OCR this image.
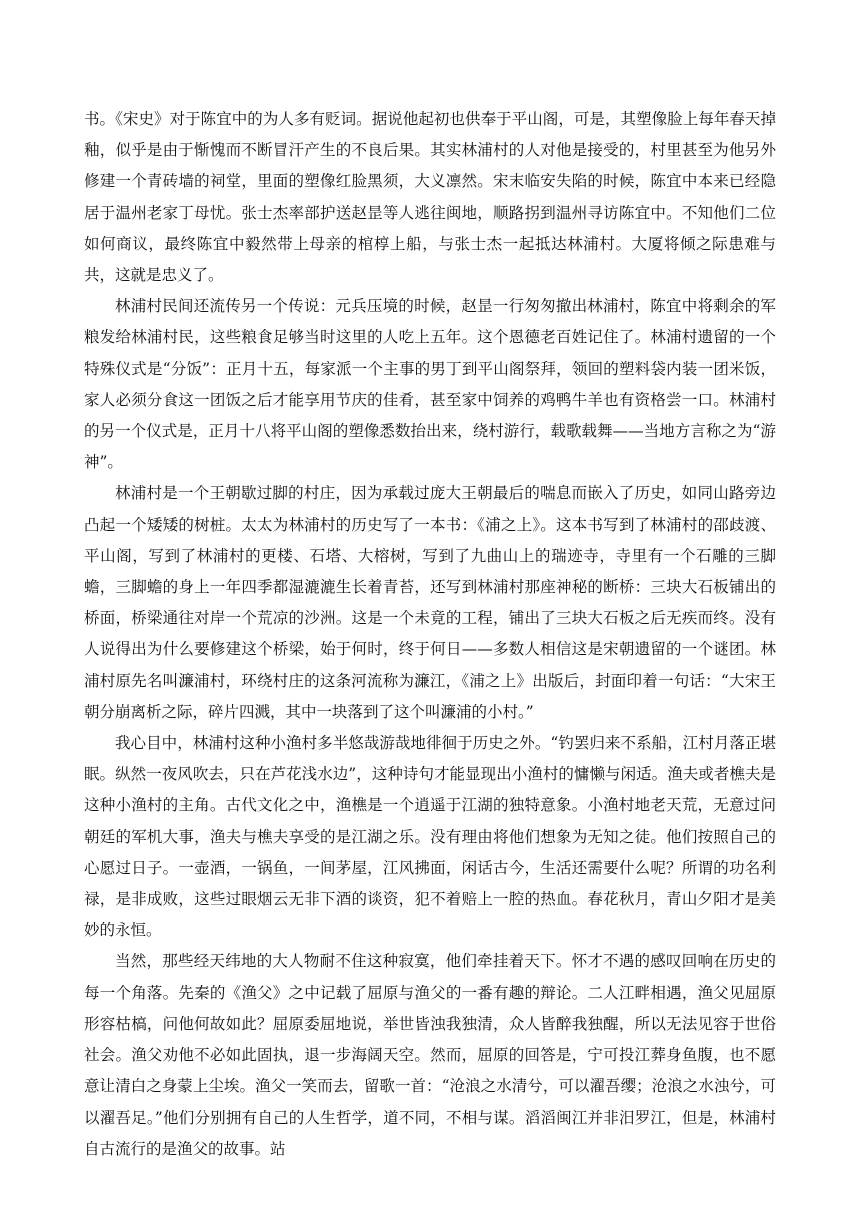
书。《宋史》对于陈宜中的为人多有贬词。据说他起初也供奉于平山阁，可是，其塑像脸上每年春天掉釉，似乎是由于惭愧而不断冒汗产生的不良后果。其实林浦村的人对他是接受的，村里甚至为他另外修建一个青砖墙的祠堂，里面的塑像红脸黑须，大义凛然。宋末临安失陷的时候，陈宜中本来已经隐居于温州老家丁母忧。张士杰率部护送赵昰等人逃往闽地，顺路拐到温州寻访陈宜中。不知他们二位如何商议，最终陈宜中毅然带上母亲的棺椁上船，与张士杰一起抵达林浦村。大厦将倾之际患难与共，这就是忠义了。

林浦村民间还流传另一个传说：元兵压境的时候，赵昰一行匆匆撤出林浦村，陈宜中将剩余的军粮发给林浦村民，这些粮食足够当时这里的人吃上五年。这个恩德老百姓记住了。林浦村遗留的一个特殊仪式是“分饭”：正月十五，每家派一个主事的男丁到平山阁祭拜，领回的塑料袋内装一团米饭，家人必须分食这一团饭之后才能享用节庆的佳肴，甚至家中饲养的鸡鸭牛羊也有资格尝一口。林浦村的另一个仪式是，正月十八将平山阁的塑像悉数抬出来，绕村游行，载歌载舞——当地方言称之为“游神”。

林浦村是一个王朝歇过脚的村庄，因为承载过庞大王朝最后的喘息而嵌入了历史，如同山路旁边凸起一个矮矮的树桩。太太为林浦村的历史写了一本书：《浦之上》。这本书写到了林浦村的邵歧渡、平山阁，写到了林浦村的更楼、石塔、大榕树，写到了九曲山上的瑞迹寺，寺里有一个石雕的三脚蟾，三脚蟾的身上一年四季都湿漉漉生长着青苔，还写到林浦村那座神秘的断桥：三块大石板铺出的桥面，桥梁通往对岸一个荒凉的沙洲。这是一个未竟的工程，铺出了三块大石板之后无疾而终。没有人说得出为什么要修建这个桥梁，始于何时，终于何日——多数人相信这是宋朝遗留的一个谜团。林浦村原先名叫濂浦村，环绕村庄的这条河流称为濂江，《浦之上》出版后，封面印着一句话：“大宋王朝分崩离析之际，碎片四溅，其中一块落到了这个叫濂浦的小村。”

我心目中，林浦村这种小渔村多半悠哉游哉地徘徊于历史之外。“钓罢归来不系船，江村月落正堪眠。纵然一夜风吹去，只在芦花浅水边”，这种诗句才能显现出小渔村的慵懒与闲适。渔夫或者樵夫是这种小渔村的主角。古代文化之中，渔樵是一个逍遥于江湖的独特意象。小渔村地老天荒，无意过问朝廷的军机大事，渔夫与樵夫享受的是江湖之乐。没有理由将他们想象为无知之徒。他们按照自己的心愿过日子。一壶酒，一锅鱼，一间茅屋，江风拂面，闲话古今，生活还需要什么呢？所谓的功名利禄，是非成败，这些过眼烟云无非下酒的谈资，犯不着赔上一腔的热血。春花秋月，青山夕阳才是美妙的永恒。

当然，那些经天纬地的大人物耐不住这种寂寞，他们牵挂着天下。怀才不遇的感叹回响在历史的每一个角落。先秦的《渔父》之中记载了屈原与渔父的一番有趣的辩论。二人江畔相遇，渔父见屈原形容枯槁，问他何故如此？屈原委屈地说，举世皆浊我独清，众人皆醉我独醒，所以无法见容于世俗社会。渔父劝他不必如此固执，退一步海阔天空。然而，屈原的回答是，宁可投江葬身鱼腹，也不愿意让清白之身蒙上尘埃。渔父一笑而去，留歌一首：“沧浪之水清兮，可以濯吾缨；沧浪之水浊兮，可以濯吾足。”他们分别拥有自己的人生哲学，道不同，不相与谋。滔滔闽江并非汨罗江，但是，林浦村自古流行的是渔父的故事。站
